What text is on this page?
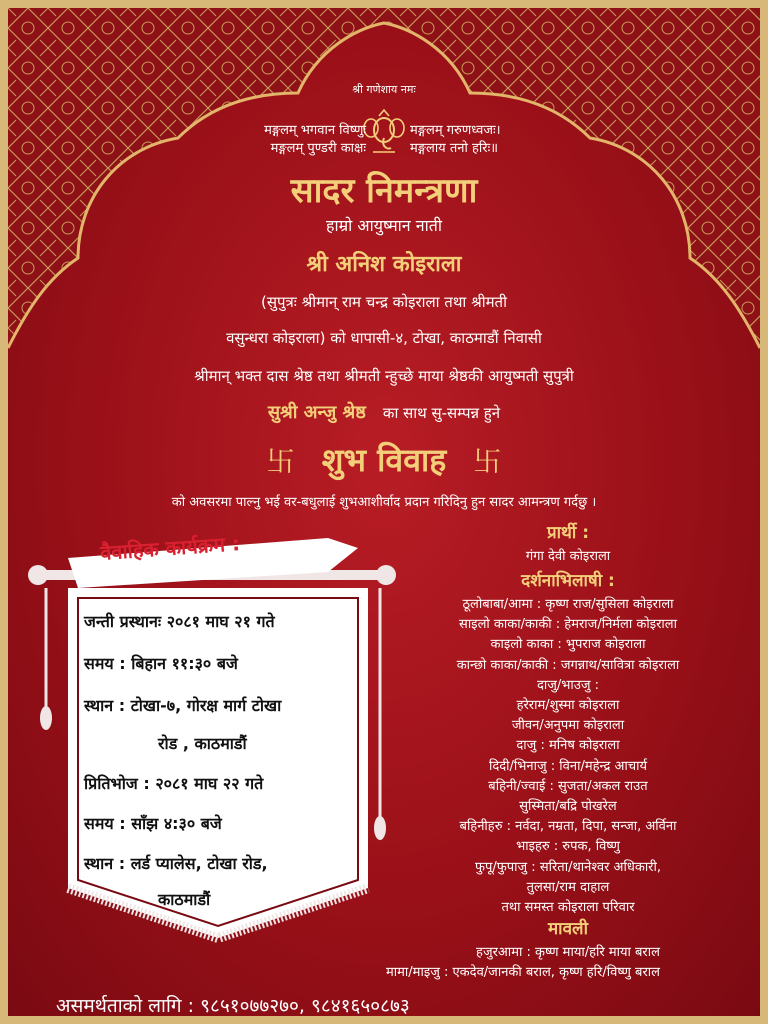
श्री गणेशाय नमः
मङ्गलम् भगवान विष्णुः
मङ्गलम् पुण्डरी काक्षः
मङ्गलम् गरुणध्वजः।
मङ्गलाय तनो हरिः॥
सादर निमन्त्रणा
हाम्रो आयुष्मान नाती
श्री अनिश कोइराला
(सुपुत्रः श्रीमान् राम चन्द्र कोइराला तथा श्रीमती
वसुन्धरा कोइराला) को धापासी-४, टोखा, काठमाडौं निवासी
श्रीमान् भक्त दास श्रेष्ठ तथा श्रीमती न्हुच्छे माया श्रेष्ठकी आयुष्मती सुपुत्री
सुश्री अन्जु श्रेष्ठ का साथ सु-सम्पन्न हुने
卐 शुभ विवाह 卐
को अवसरमा पाल्नु भई वर-बधुलाई शुभआशीर्वाद प्रदान गरिदिनु हुन सादर आमन्त्रण गर्दछु ।
वैवाहिक कार्यक्रम :
जन्ती प्रस्थानः २०८१ माघ २१ गते
समय : बिहान ११:३० बजे
स्थान : टोखा-७, गोरक्ष मार्ग टोखा
रोड , काठमाडौं
प्रितिभोज : २०८१ माघ २२ गते
समय : साँझ ४:३० बजे
स्थान : लर्ड प्यालेस, टोखा रोड,
काठमाडौं
प्रार्थी :
गंगा देवी कोइराला
दर्शनाभिलाषी :
ठूलोबाबा/आमा : कृष्ण राज/सुसिला कोइराला
साइलो काका/काकी : हेमराज/निर्मला कोइराला
काइलो काका : भुपराज कोइराला
कान्छो काका/काकी : जगन्नाथ/सावित्रा कोइराला
दाजु/भाउजु :
हरेराम/शुस्मा कोइराला
जीवन/अनुपमा कोइराला
दाजु : मनिष कोइराला
दिदी/भिनाजु : विना/महेन्द्र आचार्य
बहिनी/ज्वाई : सुजता/अकल राउत
सुस्मिता/बद्रि पोखरेल
बहिनीहरु : नर्वदा, नम्रता, दिपा, सन्जा, अर्विना
भाइहरु : रुपक, विष्णु
फुपू/फुपाजु : सरिता/थानेश्वर अधिकारी,
तुलसा/राम दाहाल
तथा समस्त कोइराला परिवार
मावली
हजुरआमा : कृष्ण माया/हरि माया बराल
मामा/माइजु : एकदेव/जानकी बराल, कृष्ण हरि/विष्णु बराल
असमर्थताको लागि : ९८५१०७७२७०, ९८४१६५०८७३
